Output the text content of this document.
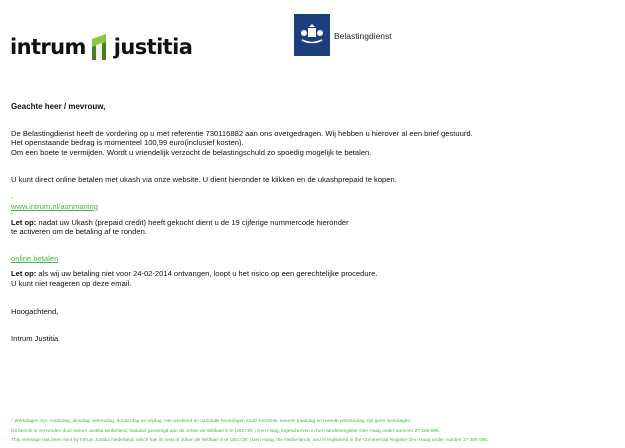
intrum justitia	Belastingdienst

Geachte heer / mevrouw,

De Belastingdienst heeft de vordering op u met referentie 730116882 aan ons overgedragen. Wij hebben u hierover al een brief gestuurd.

Het openstaande bedrag is momenteel 100,99 euro(inclusief kosten).

Om een boete te vermijden. Wordt u vriendelijk verzocht de belastingschuld zo spoedig mogelijk te betalen.

U kunt direct online betalen met ukash via onze website. U dient hieronder te klikken en de ukashprepaid te kopen.

-

www.intrum.nl/aanmaning

-

Let op: nadat uw Ukash (prepaid credit) heeft gekocht dient u de 19 cijferige nummercode hieronder

te activeren om de betaling af te ronden.

online betalen

Let op: als wij uw betaling niet voor 24-02-2014 ontvangen, loopt u het risico op een gerechtelijke procedure.

U kunt niet reageren op deze email.

Hoogachtend,

Intrum Justitia

* Werkdagen zijn: maandag, dinsdag, woensdag, donderdag en vrijdag. Het weekend en nationale feestdagen zoals Kerstmis, tweede paasdag en tweede pinksterdag zijn geen werkdagen.
Dit bericht is verzonden door Intrum Justitia Nederland, statutair gevestigd aan de Johan de Wittlaan 5 te (2517JR ) Den Haag, ingeschreven in het Handelsregister Den Haag onder nummer 27 289 596.
This message has been sent by Intrum Justitia Nederland, which has its seat at Johan de Wittlaan 5 te (2517JR ) Den Haag, the Netherlands, and is registered in the Commercial Register Den Haag under number 27 289 596.
